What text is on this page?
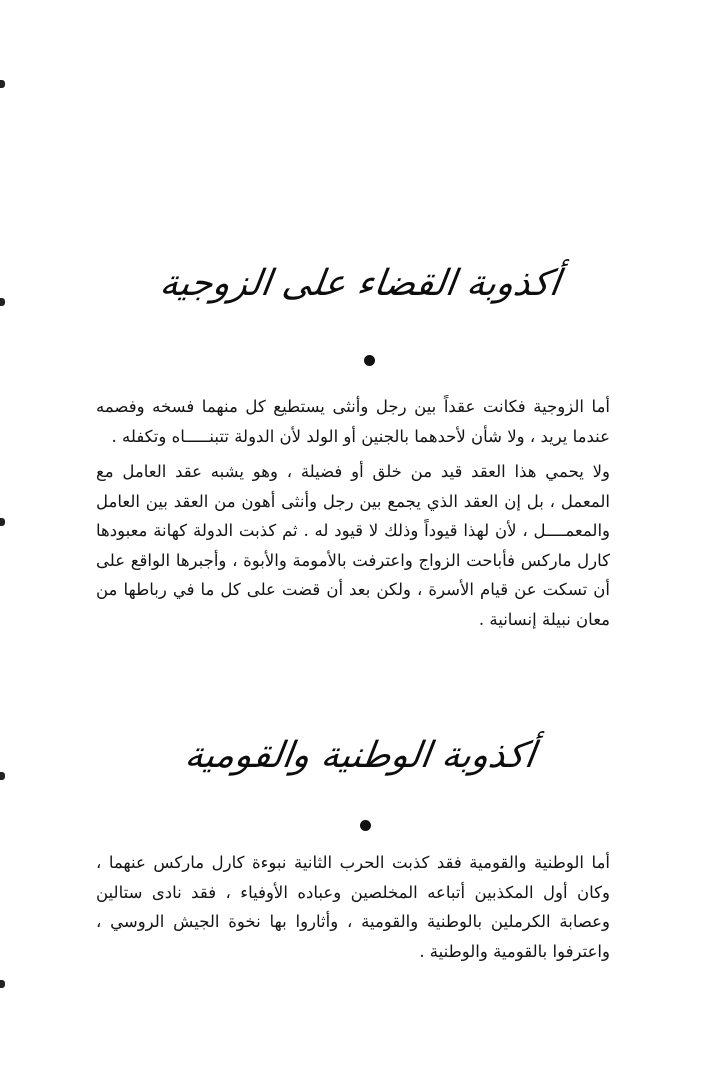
أكذوبة القضاء على الزوجية

أما الزوجية فكانت عقداً بين رجل وأنثى يستطيع كل منهما فسخه وفصمه عندما يريد ، ولا شأن لأحدهما بالجنين أو الولد لأن الدولة تتبنـــــاه وتكفله .

ولا يحمي هذا العقد قيد من خلق أو فضيلة ، وهو يشبه عقد العامل مع المعمل ، بل إن العقد الذي يجمع بين رجل وأنثى أهون من العقد بين العامل والمعمــــل ، لأن لهذا قيوداً وذلك لا قيود له . ثم كذبت الدولة كهانة معبودها كارل ماركس فأباحت الزواج واعترفت بالأمومة والأبوة ، وأجبرها الواقع على أن تسكت عن قيام الأسرة ، ولكن بعد أن قضت على كل ما في رباطها من معان نبيلة إنسانية .

أكذوبة الوطنية والقومية

أما الوطنية والقومية فقد كذبت الحرب الثانية نبوءة كارل ماركس عنهما ، وكان أول المكذبين أتباعه المخلصين وعباده الأوفياء ، فقد نادى ستالين وعصابة الكرملين بالوطنية والقومية ، وأثاروا بها نخوة الجيش الروسي ، واعترفوا بالقومية والوطنية .
